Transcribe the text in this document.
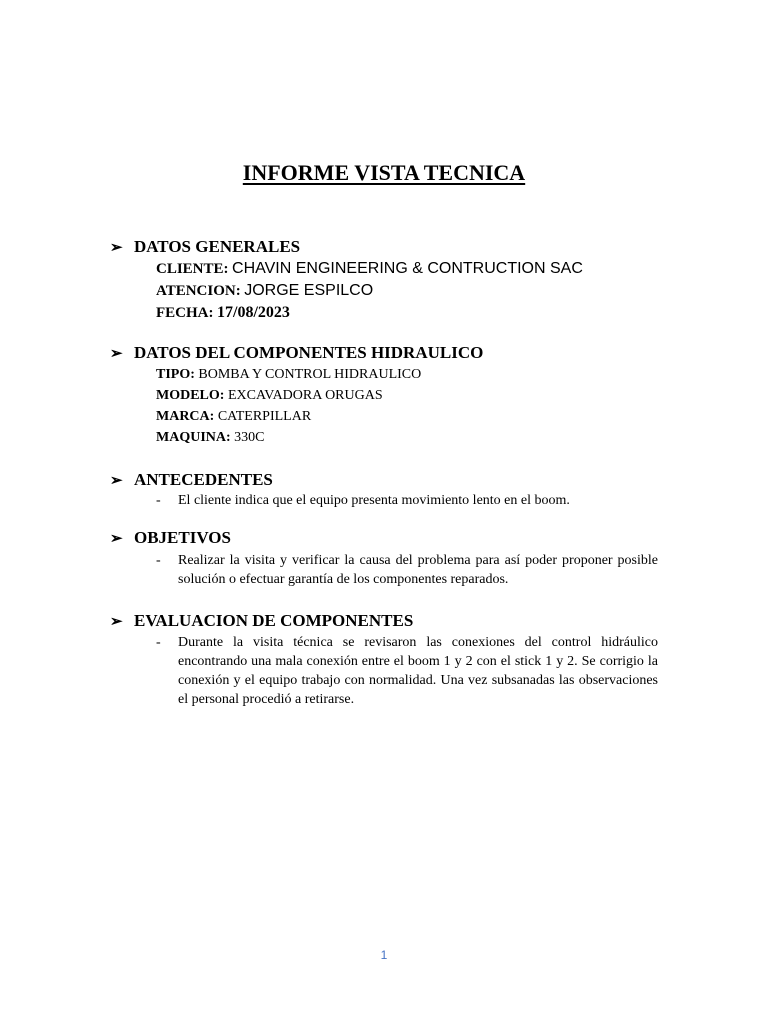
INFORME VISTA TECNICA
➢ DATOS GENERALES
CLIENTE: CHAVIN ENGINEERING & CONTRUCTION SAC
ATENCION: JORGE ESPILCO
FECHA: 17/08/2023
➢ DATOS DEL COMPONENTES HIDRAULICO
TIPO: BOMBA Y CONTROL HIDRAULICO
MODELO: EXCAVADORA ORUGAS
MARCA: CATERPILLAR
MAQUINA: 330C
➢ ANTECEDENTES
-	El cliente indica que el equipo presenta movimiento lento en el boom.
➢ OBJETIVOS
-	Realizar la visita y verificar la causa del problema para así poder proponer posible solución o efectuar garantía de los componentes reparados.
➢ EVALUACION DE COMPONENTES
-	Durante la visita técnica se revisaron las conexiones del control hidráulico encontrando una mala conexión entre el boom 1 y 2 con el stick 1 y 2. Se corrigio la conexión y el equipo trabajo con normalidad. Una vez subsanadas las observaciones el personal procedió a retirarse.
1
